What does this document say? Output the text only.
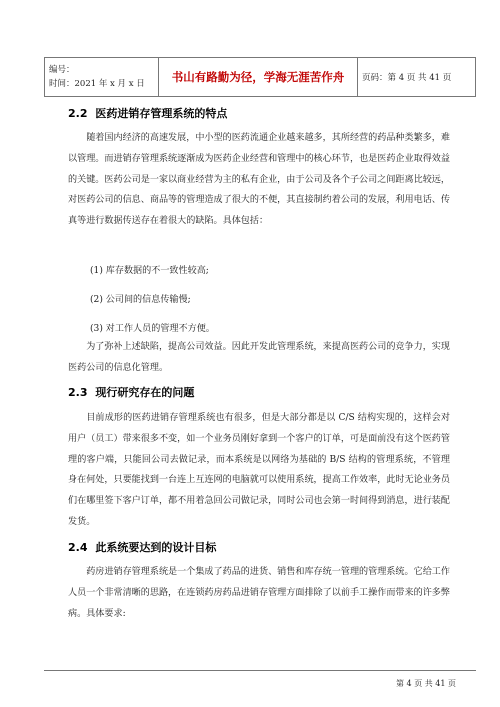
编号：
时间：2021 年 x 月 x 日	书山有路勤为径，学海无涯苦作舟	页码：第 4 页 共 41 页
2.2 医药进销存管理系统的特点

随着国内经济的高速发展，中小型的医药流通企业越来越多，其所经营的药品种类繁多，难以管理。而进销存管理系统逐渐成为医药企业经营和管理中的核心环节，也是医药企业取得效益的关键。医药公司是一家以商业经营为主的私有企业，由于公司及各个子公司之间距离比较远，对医药公司的信息、商品等的管理造成了很大的不便，其直接制约着公司的发展，利用电话、传真等进行数据传送存在着很大的缺陷。具体包括：

(1) 库存数据的不一致性较高;

(2) 公司间的信息传输慢;

(3) 对工作人员的管理不方便。

为了弥补上述缺陷，提高公司效益。因此开发此管理系统，来提高医药公司的竞争力，实现医药公司的信息化管理。

2.3 现行研究存在的问题

目前成形的医药进销存管理系统也有很多，但是大部分都是以 C/S 结构实现的，这样会对用户（员工）带来很多不变，如一个业务员刚好拿到一个客户的订单，可是面前没有这个医药管理的客户端，只能回公司去做记录，而本系统是以网络为基础的 B/S 结构的管理系统，不管理身在何处，只要能找到一台连上互连网的电脑就可以使用系统，提高工作效率，此时无论业务员们在哪里签下客户订单，都不用着急回公司做记录，同时公司也会第一时间得到消息，进行装配发货。

2.4 此系统要达到的设计目标

药房进销存管理系统是一个集成了药品的进货、销售和库存统一管理的管理系统。它给工作人员一个非常清晰的思路，在连锁药房药品进销存管理方面排除了以前手工操作而带来的许多弊病。具体要求:

第 4 页 共 41 页
